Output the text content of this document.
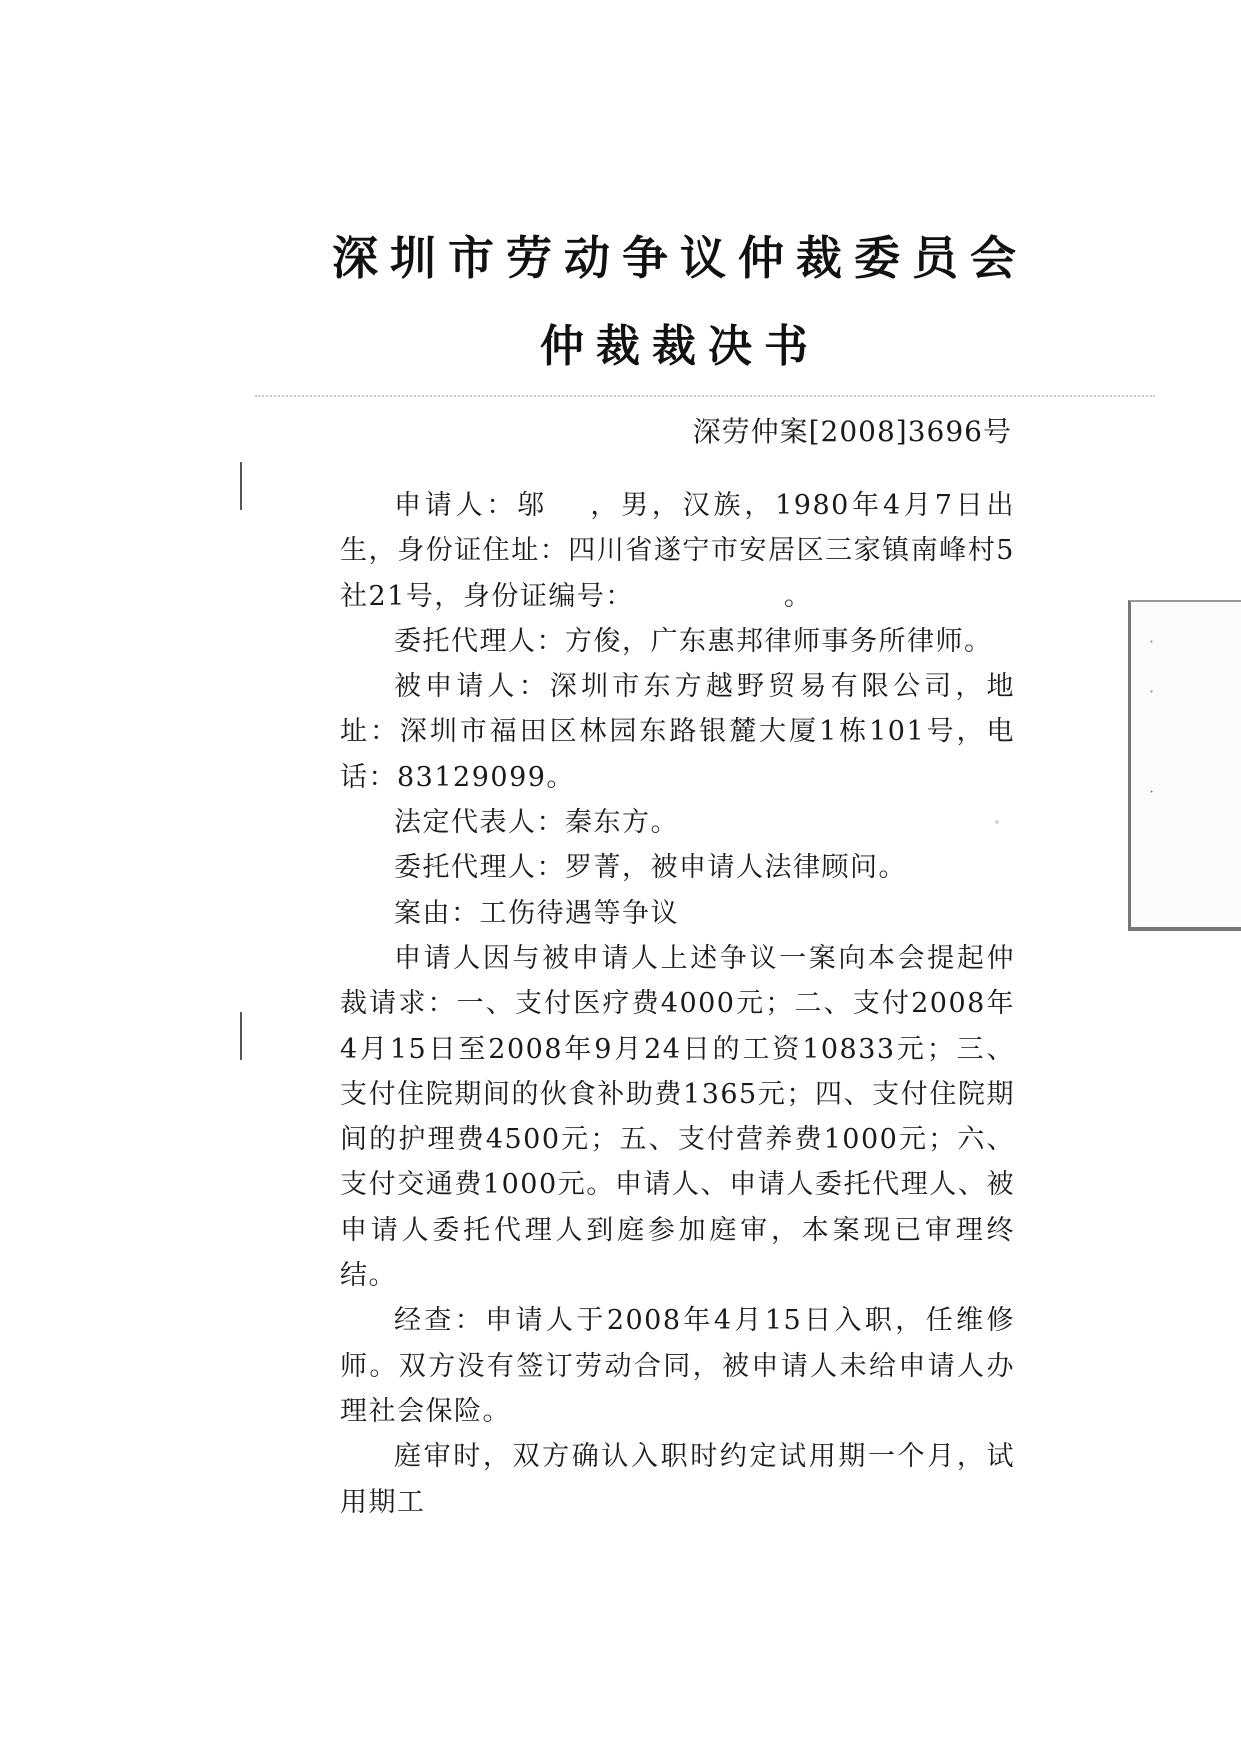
深圳市劳动争议仲裁委员会
仲裁裁决书
深劳仲案[2008]3696号
·
·
·

申请人：邬 ，男，汉族，1980年4月7日出生，身份证住址：四川省遂宁市安居区三家镇南峰村5社21号，身份证编号：	。

委托代理人：方俊，广东惠邦律师事务所律师。

被申请人：深圳市东方越野贸易有限公司，地址：深圳市福田区林园东路银麓大厦1栋101号，电话：83129099。

法定代表人：秦东方。

委托代理人：罗菁，被申请人法律顾问。

案由：工伤待遇等争议

申请人因与被申请人上述争议一案向本会提起仲裁请求：一、支付医疗费4000元；二、支付2008年4月15日至2008年9月24日的工资10833元；三、支付住院期间的伙食补助费1365元；四、支付住院期间的护理费4500元；五、支付营养费1000元；六、支付交通费1000元。申请人、申请人委托代理人、被申请人委托代理人到庭参加庭审，本案现已审理终结。

经查：申请人于2008年4月15日入职，任维修师。双方没有签订劳动合同，被申请人未给申请人办理社会保险。

庭审时，双方确认入职时约定试用期一个月，试用期工
